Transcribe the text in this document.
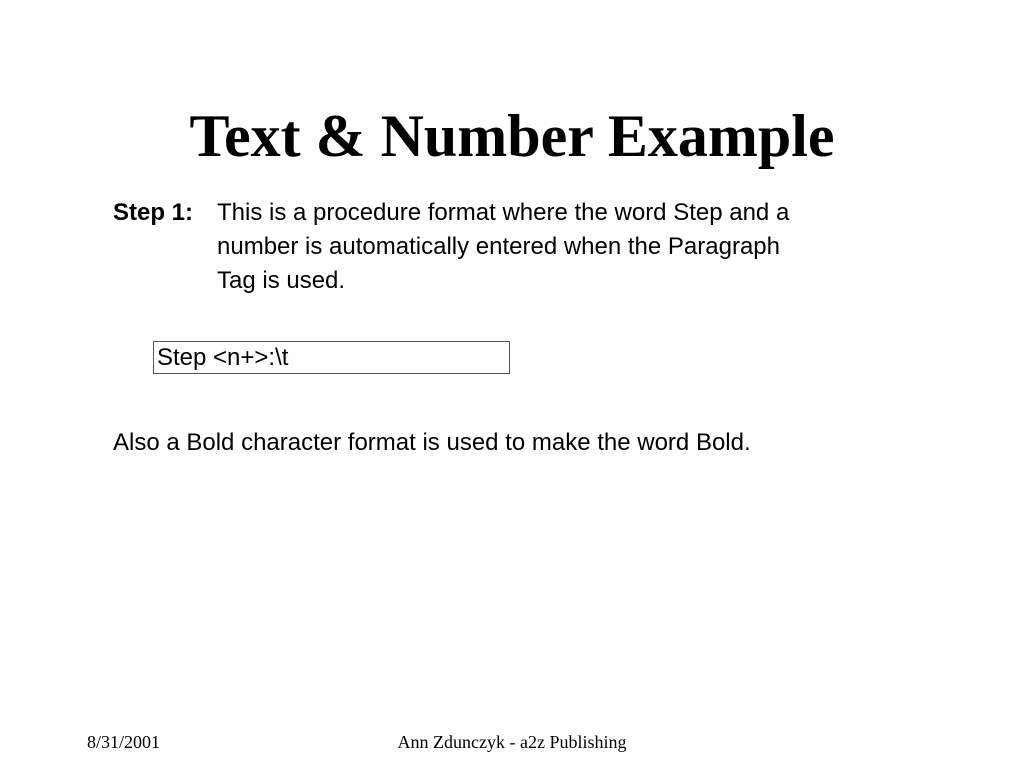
Text & Number Example
Step 1: This is a procedure format where the word Step and a
number is automatically entered when the Paragraph
Tag is used.
Step <n+>:\t
Also a Bold character format is used to make the word Bold.
8/31/2001	Ann Zdunczyk - a2z Publishing
